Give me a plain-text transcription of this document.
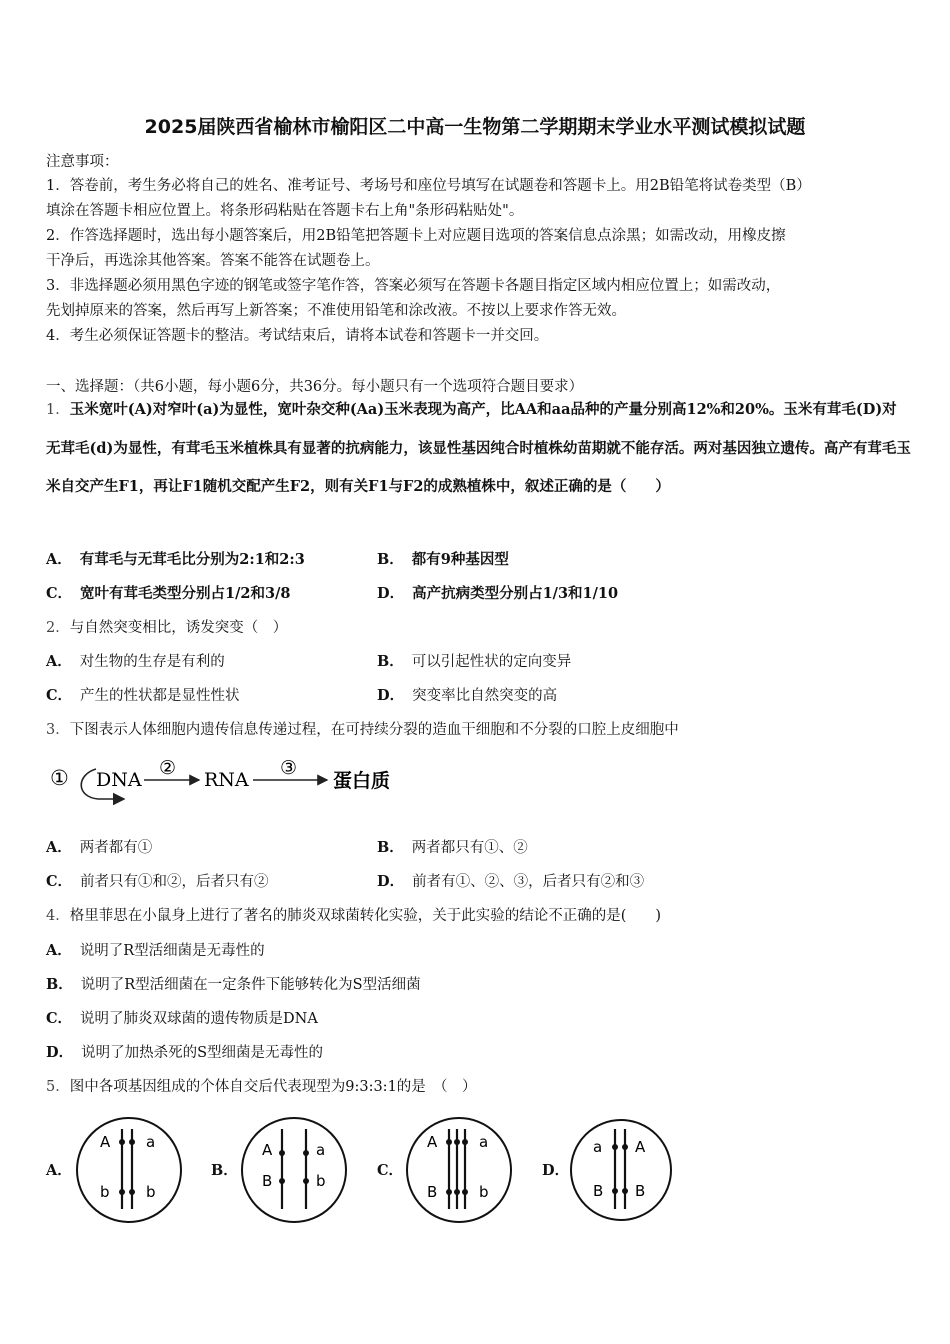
2025届陕西省榆林市榆阳区二中高一生物第二学期期末学业水平测试模拟试题
注意事项：
1．答卷前，考生务必将自己的姓名、准考证号、考场号和座位号填写在试题卷和答题卡上。用2B铅笔将试卷类型（B）
填涂在答题卡相应位置上。将条形码粘贴在答题卡右上角"条形码粘贴处"。
2．作答选择题时，选出每小题答案后，用2B铅笔把答题卡上对应题目选项的答案信息点涂黑；如需改动，用橡皮擦
干净后，再选涂其他答案。答案不能答在试题卷上。
3．非选择题必须用黑色字迹的钢笔或签字笔作答，答案必须写在答题卡各题目指定区域内相应位置上；如需改动，
先划掉原来的答案，然后再写上新答案；不准使用铅笔和涂改液。不按以上要求作答无效。
4．考生必须保证答题卡的整洁。考试结束后，请将本试卷和答题卡一并交回。
一、选择题：（共6小题，每小题6分，共36分。每小题只有一个选项符合题目要求）
1．玉米宽叶(A)对窄叶(a)为显性，宽叶杂交种(Aa)玉米表现为高产，比AA和aa品种的产量分别高12%和20%。玉米有茸毛(D)对无茸毛(d)为显性，有茸毛玉米植株具有显著的抗病能力，该显性基因纯合时植株幼苗期就不能存活。两对基因独立遗传。高产有茸毛玉米自交产生F1，再让F1随机交配产生F2，则有关F1与F2的成熟植株中，叙述正确的是（　　）
A． 有茸毛与无茸毛比分别为2:1和2:3	B． 都有9种基因型
C． 宽叶有茸毛类型分别占1/2和3/8	D． 高产抗病类型分别占1/3和1/10
2．与自然突变相比，诱发突变（　）
A． 对生物的生存是有利的	B． 可以引起性状的定向变异
C． 产生的性状都是显性性状	D． 突变率比自然突变的高
3．下图表示人体细胞内遗传信息传递过程，在可持续分裂的造血干细胞和不分裂的口腔上皮细胞中
① DNA
②
RNA
③
蛋白质
A． 两者都有①	B． 两者都只有①、②
C． 前者只有①和②，后者只有②	D． 前者有①、②、③，后者只有②和③
4．格里菲思在小鼠身上进行了著名的肺炎双球菌转化实验，关于此实验的结论不正确的是(　　)
A． 说明了R型活细菌是无毒性的
B． 说明了R型活细菌在一定条件下能够转化为S型活细菌
C． 说明了肺炎双球菌的遗传物质是DNA
D． 说明了加热杀死的S型细菌是无毒性的
5．图中各项基因组成的个体自交后代表现型为9:3:3:1的是　（　）
A．
A a
b b
B．
A	a
B	b
C．
A	a
B	b
D．
a A
B B
